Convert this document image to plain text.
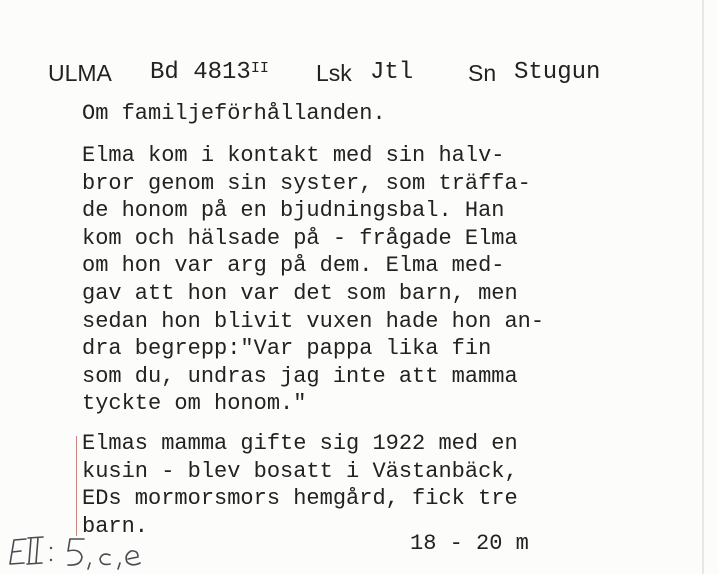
ULMA Bd $4813^{II}$ Lsk Jtl Sn Stugun
Om familjeförhållanden.

Elma kom i kontakt med sin halv-
bror genom sin syster, som träffa-
de honom på en bjudningsbal. Han
kom och hälsade på - frågade Elma
om hon var arg på dem. Elma med-
gav att hon var det som barn, men
sedan hon blivit vuxen hade hon an-
dra begrepp:"Var pappa lika fin
som du, undras jag inte att mamma
tyckte om honom."

Elmas mamma gifte sig 1922 med en
kusin - blev bosatt i Västanbäck,
EDs mormorsmors hemgård, fick tre
barn.

18 - 20 m
